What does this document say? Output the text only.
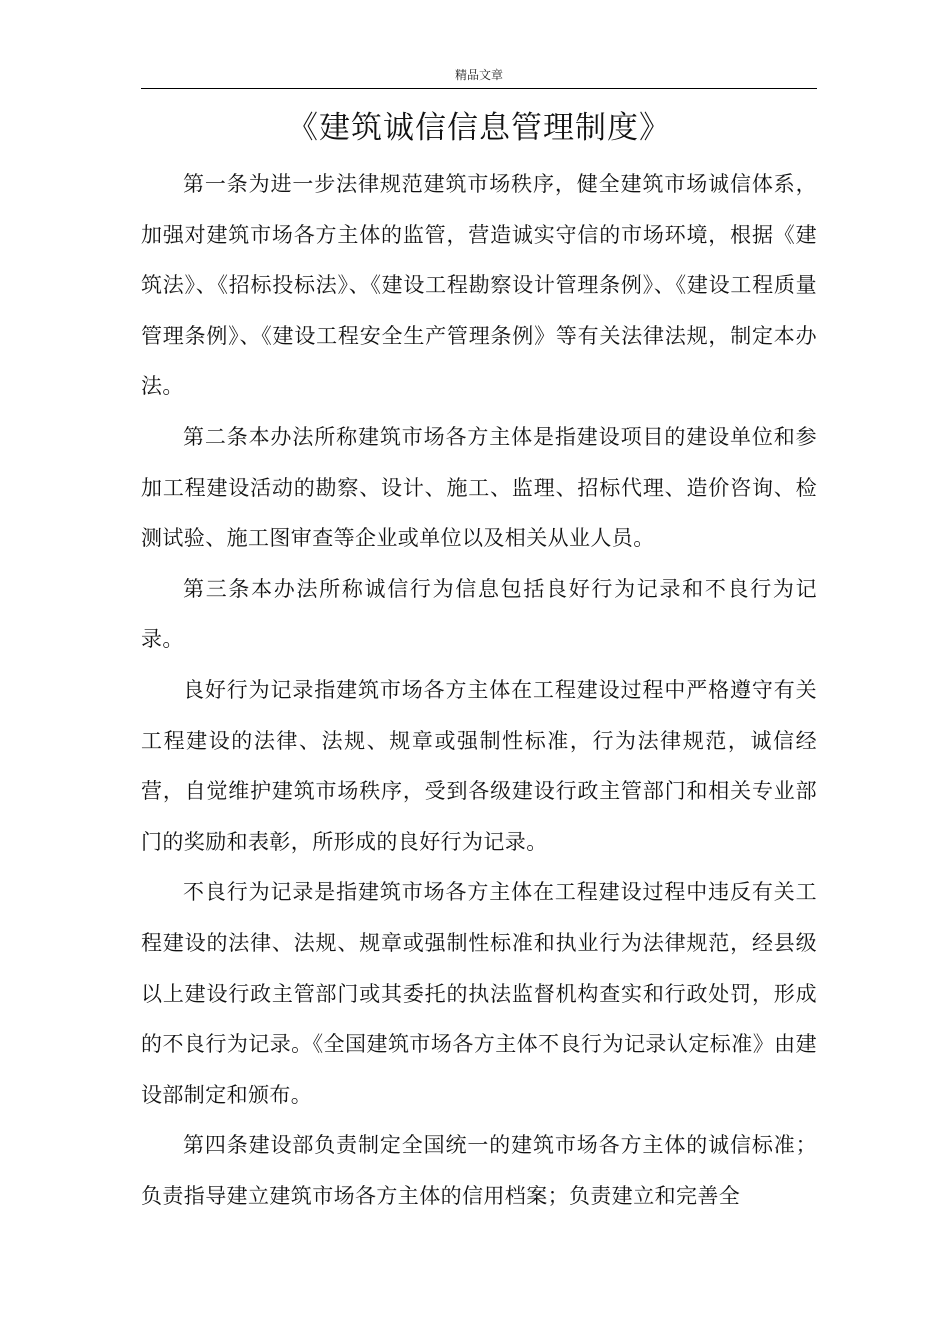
精品文章
《建筑诚信信息管理制度》

第一条为进一步法律规范建筑市场秩序，健全建筑市场诚信体系，加强对建筑市场各方主体的监管，营造诚实守信的市场环境，根据《建筑法》、《招标投标法》、《建设工程勘察设计管理条例》、《建设工程质量管理条例》、《建设工程安全生产管理条例》等有关法律法规，制定本办法。

第二条本办法所称建筑市场各方主体是指建设项目的建设单位和参加工程建设活动的勘察、设计、施工、监理、招标代理、造价咨询、检测试验、施工图审查等企业或单位以及相关从业人员。

第三条本办法所称诚信行为信息包括良好行为记录和不良行为记录。

良好行为记录指建筑市场各方主体在工程建设过程中严格遵守有关工程建设的法律、法规、规章或强制性标准，行为法律规范，诚信经营，自觉维护建筑市场秩序，受到各级建设行政主管部门和相关专业部门的奖励和表彰，所形成的良好行为记录。

不良行为记录是指建筑市场各方主体在工程建设过程中违反有关工程建设的法律、法规、规章或强制性标准和执业行为法律规范，经县级以上建设行政主管部门或其委托的执法监督机构查实和行政处罚，形成的不良行为记录。《全国建筑市场各方主体不良行为记录认定标准》由建设部制定和颁布。

第四条建设部负责制定全国统一的建筑市场各方主体的诚信标准；负责指导建立建筑市场各方主体的信用档案；负责建立和完善全
